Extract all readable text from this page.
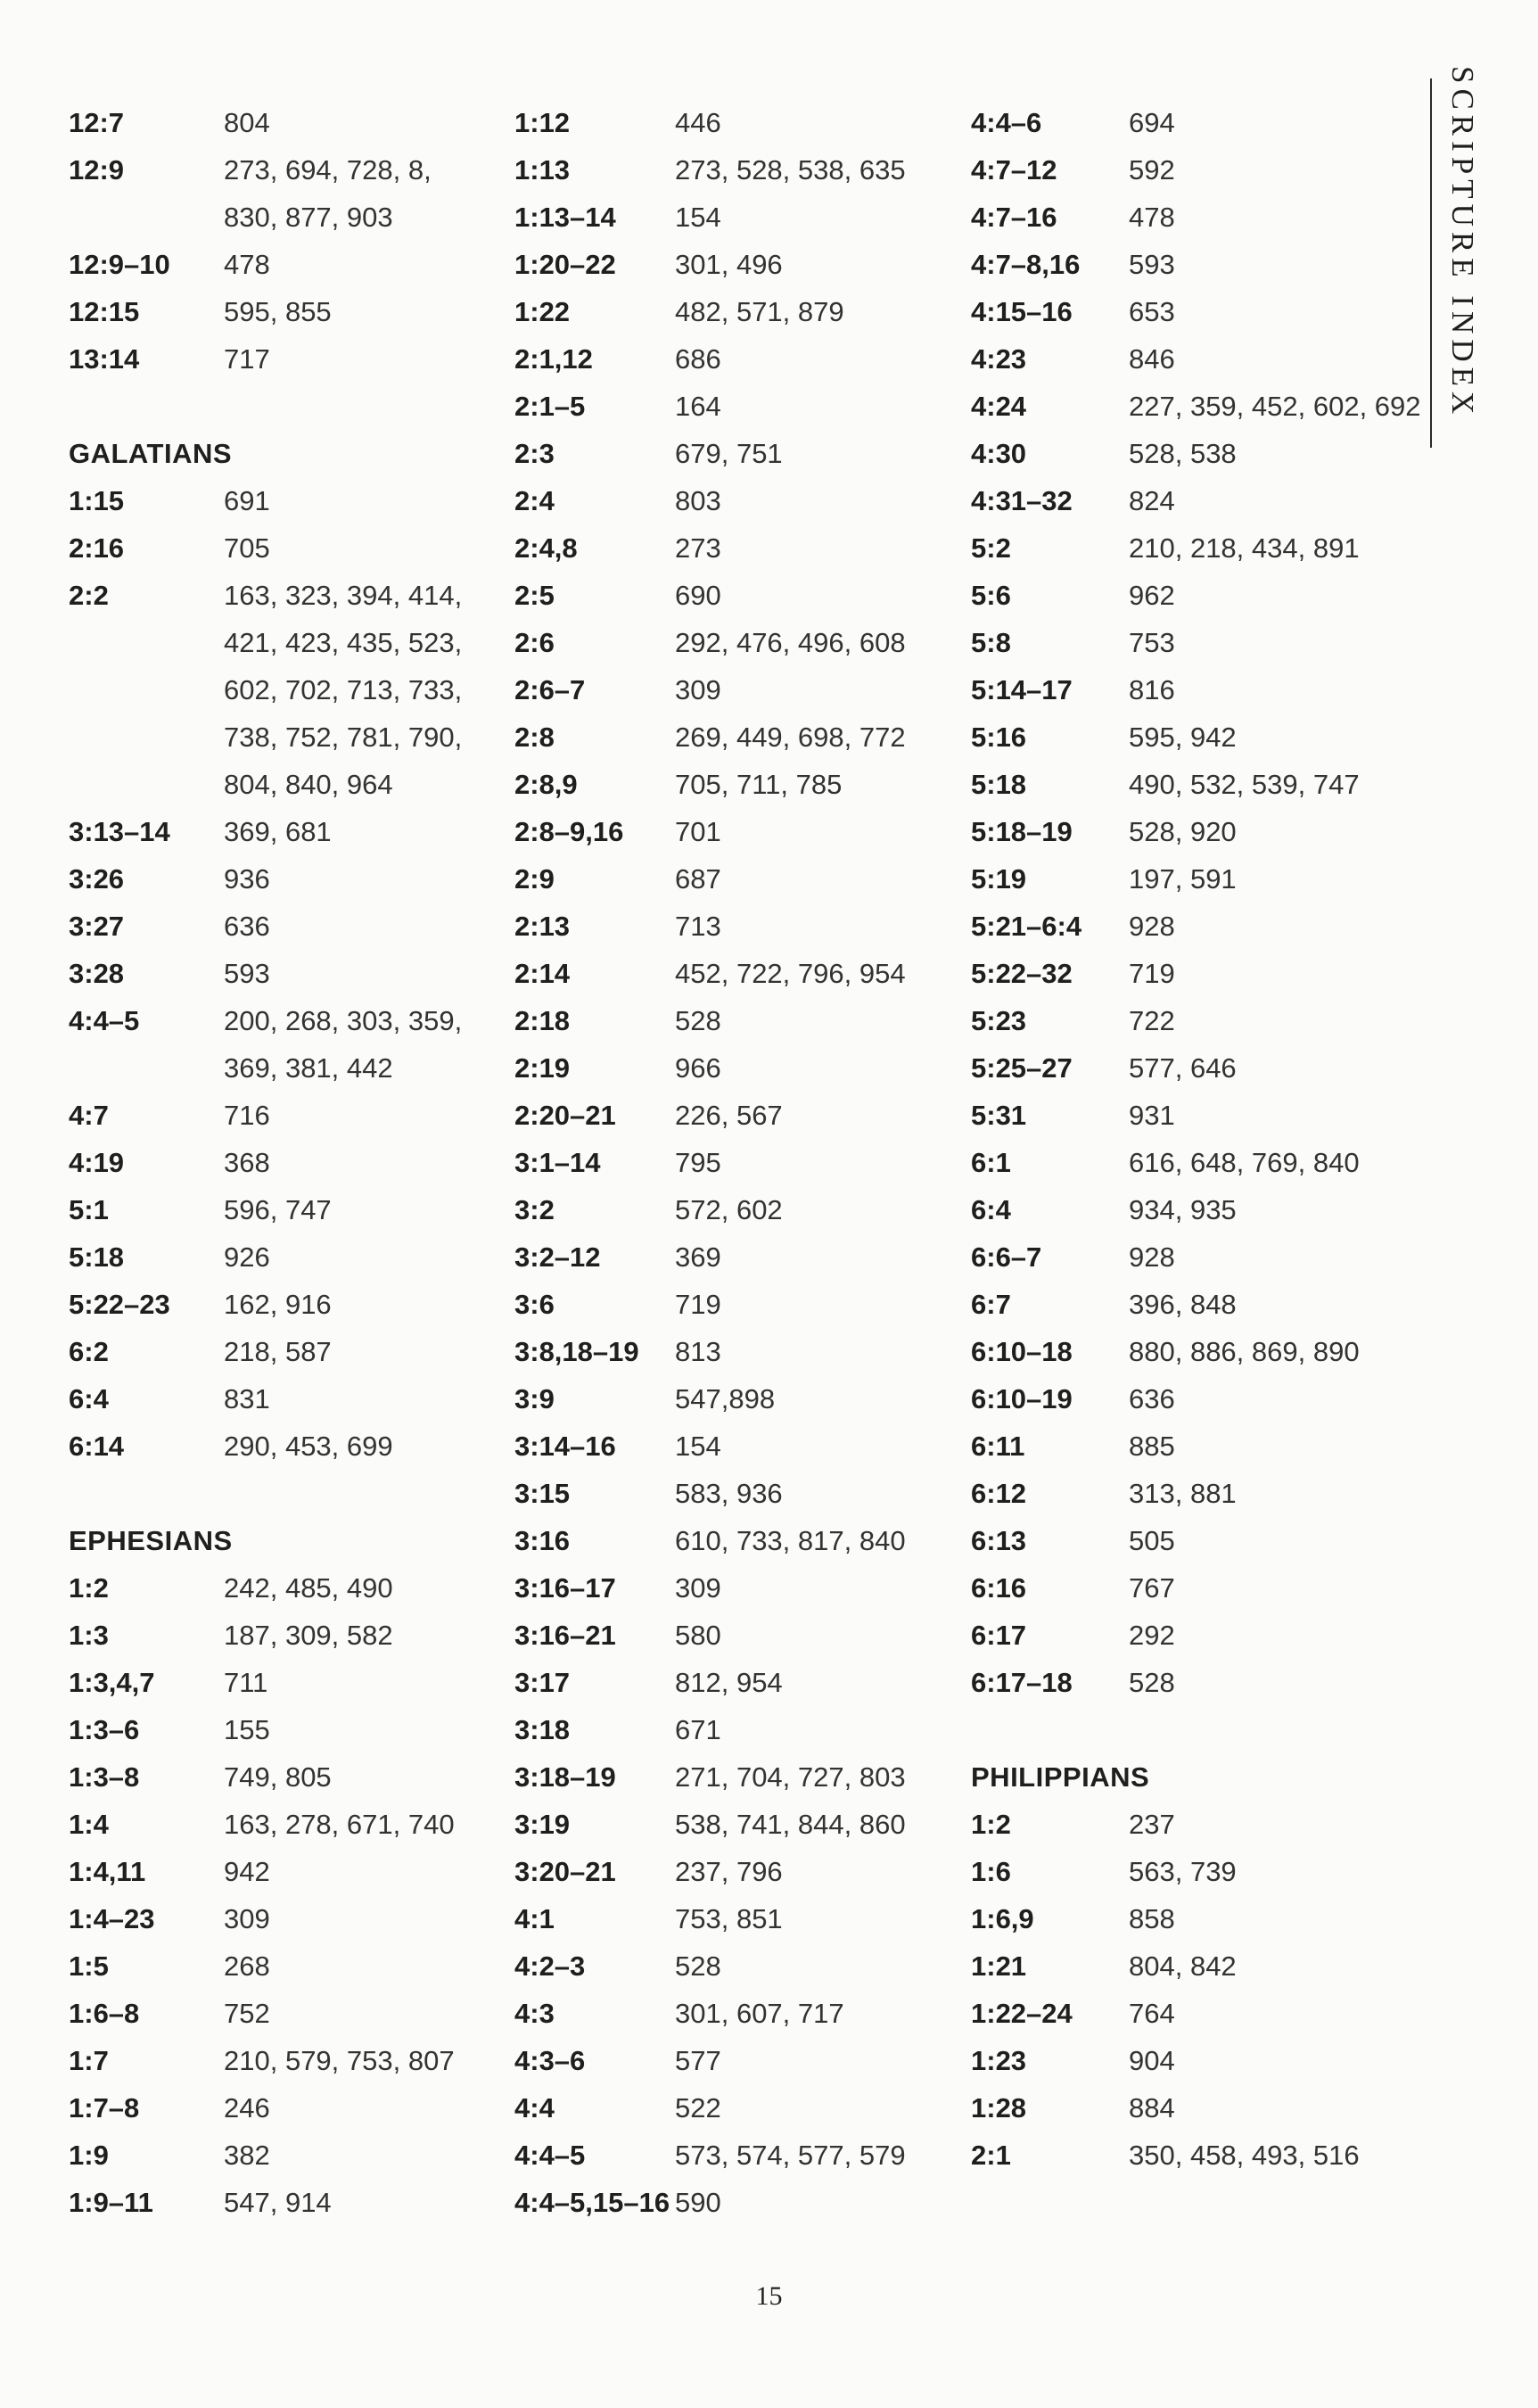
12:7	804
12:9	273, 694, 728, 8, 830, 877, 903
12:9–10	478
12:15	595, 855
13:14	717
GALATIANS
1:15	691
2:16	705
2:2	163, 323, 394, 414, 421, 423, 435, 523, 602, 702, 713, 733, 738, 752, 781, 790, 804, 840, 964
3:13–14	369, 681
3:26	936
3:27	636
3:28	593
4:4–5	200, 268, 303, 359, 369, 381, 442
4:7	716
4:19	368
5:1	596, 747
5:18	926
5:22–23	162, 916
6:2	218, 587
6:4	831
6:14	290, 453, 699
EPHESIANS
1:2	242, 485, 490
1:3	187, 309, 582
1:3,4,7	711
1:3–6	155
1:3–8	749, 805
1:4	163, 278, 671, 740
1:4,11	942
1:4–23	309
1:5	268
1:6–8	752
1:7	210, 579, 753, 807
1:7–8	246
1:9	382
1:9–11	547, 914
1:12	446
1:13	273, 528, 538, 635
1:13–14	154
1:20–22	301, 496
1:22	482, 571, 879
2:1,12	686
2:1–5	164
2:3	679, 751
2:4	803
2:4,8	273
2:5	690
2:6	292, 476, 496, 608
2:6–7	309
2:8	269, 449, 698, 772
2:8,9	705, 711, 785
2:8–9,16	701
2:9	687
2:13	713
2:14	452, 722, 796, 954
2:18	528
2:19	966
2:20–21	226, 567
3:1–14	795
3:2	572, 602
3:2–12	369
3:6	719
3:8,18–19	813
3:9	547,898
3:14–16	154
3:15	583, 936
3:16	610, 733, 817, 840
3:16–17	309
3:16–21	580
3:17	812, 954
3:18	671
3:18–19	271, 704, 727, 803
3:19	538, 741, 844, 860
3:20–21	237, 796
4:1	753, 851
4:2–3	528
4:3	301, 607, 717
4:3–6	577
4:4	522
4:4–5	573, 574, 577, 579
4:4–5,15–16 590
4:4–6	694
4:7–12	592
4:7–16	478
4:7–8,16	593
4:15–16	653
4:23	846
4:24	227, 359, 452, 602, 692
4:30	528, 538
4:31–32	824
5:2	210, 218, 434, 891
5:6	962
5:8	753
5:14–17	816
5:16	595, 942
5:18	490, 532, 539, 747
5:18–19	528, 920
5:19	197, 591
5:21–6:4	928
5:22–32	719
5:23	722
5:25–27	577, 646
5:31	931
6:1	616, 648, 769, 840
6:4	934, 935
6:6–7	928
6:7	396, 848
6:10–18	880, 886, 869, 890
6:10–19	636
6:11	885
6:12	313, 881
6:13	505
6:16	767
6:17	292
6:17–18	528
PHILIPPIANS
1:2	237
1:6	563, 739
1:6,9	858
1:21	804, 842
1:22–24	764
1:23	904
1:28	884
2:1	350, 458, 493, 516
SCRIPTURE INDEX
15
